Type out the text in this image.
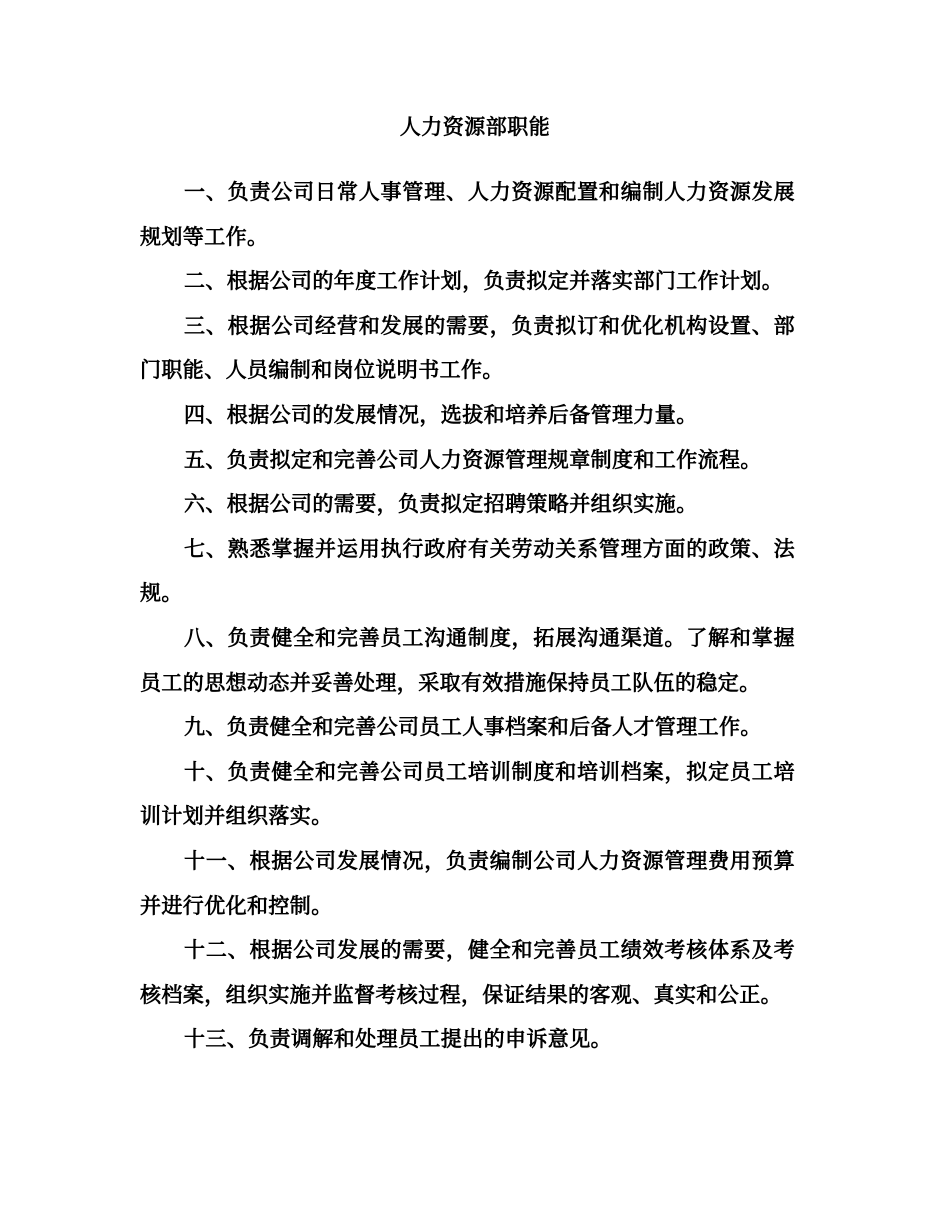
人力资源部职能

一、负责公司日常人事管理、人力资源配置和编制人力资源发展规划等工作。

二、根据公司的年度工作计划，负责拟定并落实部门工作计划。

三、根据公司经营和发展的需要，负责拟订和优化机构设置、部门职能、人员编制和岗位说明书工作。

四、根据公司的发展情况，选拔和培养后备管理力量。

五、负责拟定和完善公司人力资源管理规章制度和工作流程。

六、根据公司的需要，负责拟定招聘策略并组织实施。

七、熟悉掌握并运用执行政府有关劳动关系管理方面的政策、法规。

八、负责健全和完善员工沟通制度，拓展沟通渠道。了解和掌握员工的思想动态并妥善处理，采取有效措施保持员工队伍的稳定。

九、负责健全和完善公司员工人事档案和后备人才管理工作。

十、负责健全和完善公司员工培训制度和培训档案，拟定员工培训计划并组织落实。

十一、根据公司发展情况，负责编制公司人力资源管理费用预算并进行优化和控制。

十二、根据公司发展的需要，健全和完善员工绩效考核体系及考核档案，组织实施并监督考核过程，保证结果的客观、真实和公正。

十三、负责调解和处理员工提出的申诉意见。
